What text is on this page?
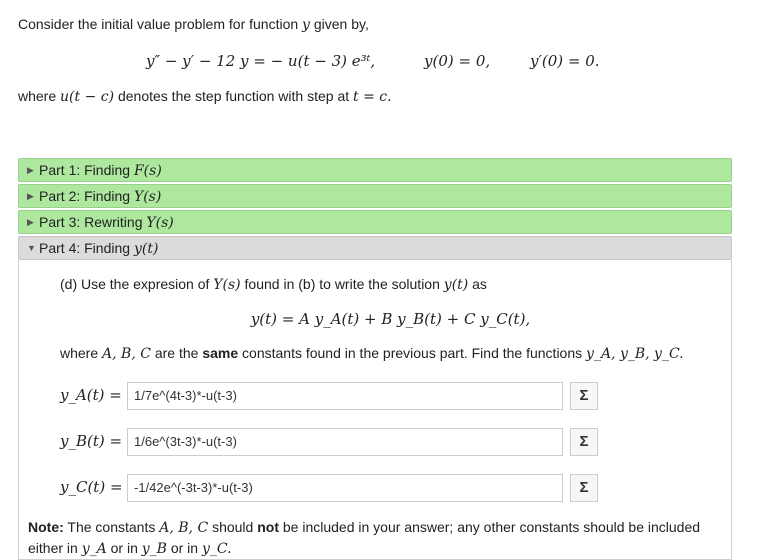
Consider the initial value problem for function y given by,
y″ − y′ − 12 y = − u(t − 3) e³ᵗ,	y(0) = 0,	y′(0) = 0.
where u(t − c) denotes the step function with step at t = c.
▶ Part 1: Finding F(s)
▶ Part 2: Finding Y(s)
▶ Part 3: Rewriting Y(s)
▼ Part 4: Finding y(t)
(d) Use the expresion of Y(s) found in (b) to write the solution y(t) as
y(t) = A y_A(t) + B y_B(t) + C y_C(t),
where A, B, C are the same constants found in the previous part. Find the functions y_A, y_B, y_C.
y_A(t) = 1/7e^(4t-3)*-u(t-3)	Σ
y_B(t) = 1/6e^(3t-3)*-u(t-3)	Σ
y_C(t) = -1/42e^(-3t-3)*-u(t-3)	Σ
Note: The constants A, B, C should not be included in your answer; any other constants should be included either in y_A or in y_B or in y_C.
